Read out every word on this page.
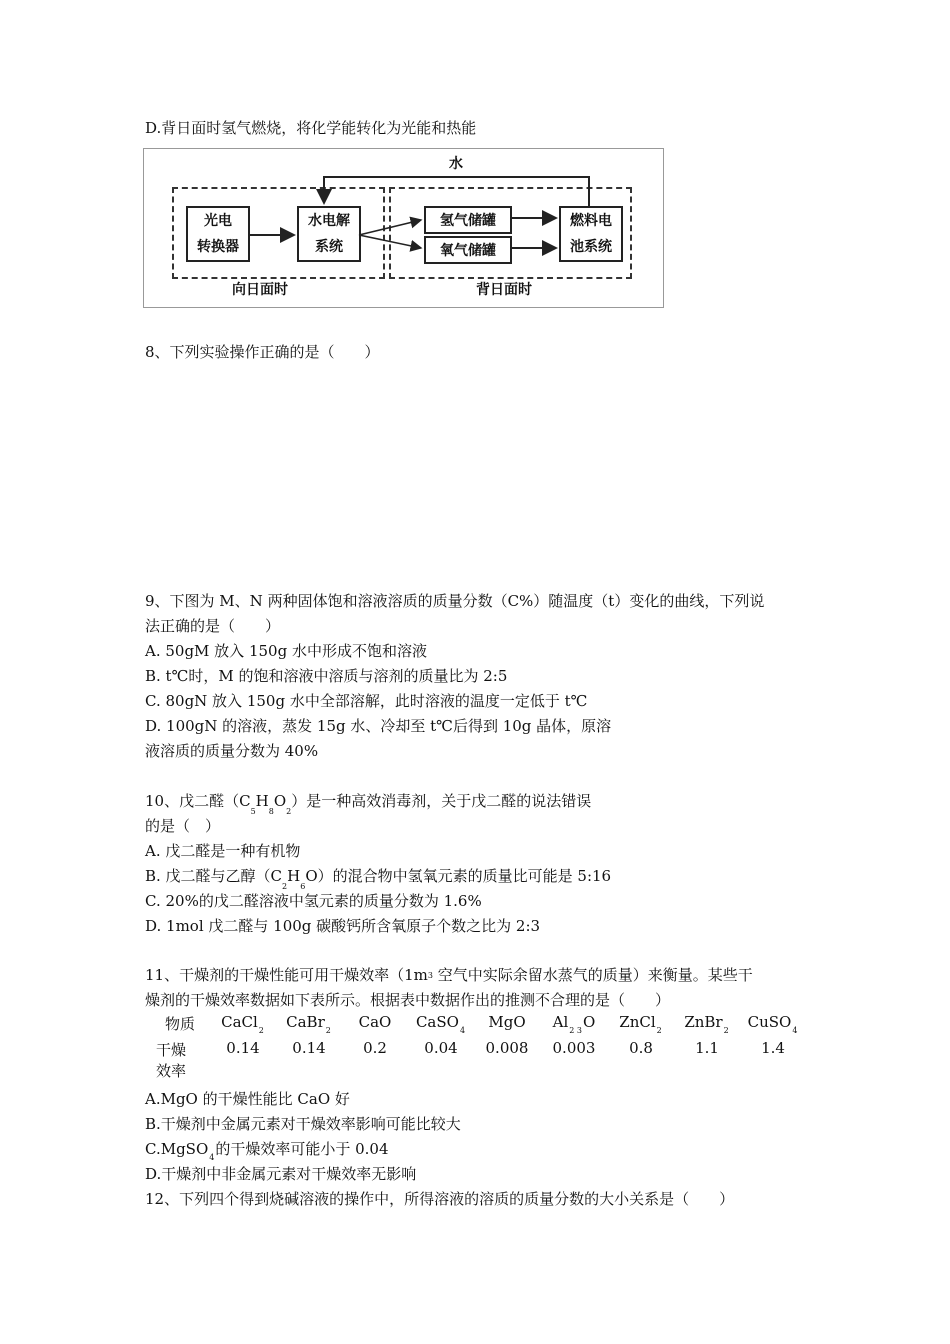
D.背日面时氢气燃烧，将化学能转化为光能和热能
光电
转换器
水电解
系统
氢气储罐
氧气储罐
燃料电
池系统
水
向日面时	背日面时
8、下列实验操作正确的是（　　）
9、下图为 M、N 两种固体饱和溶液溶质的质量分数（C%）随温度（t）变化的曲线，下列说
法正确的是（　　）
A. 50gM 放入 150g 水中形成不饱和溶液
B. t℃时，M 的饱和溶液中溶质与溶剂的质量比为 2:5
C. 80gN 放入 150g 水中全部溶解，此时溶液的温度一定低于 t℃
D. 100gN 的溶液，蒸发 15g 水、冷却至 t℃后得到 10g 晶体，原溶
液溶质的质量分数为 40%
10、戊二醛$(C_5H_8O_2)$是一种高效消毒剂，关于戊二醛的说法错误
的是（　）
A. 戊二醛是一种有机物
B. 戊二醛与乙醇$(C_2H_6O)$的混合物中氢氧元素的质量比可能是 5:16
C. 20%的戊二醛溶液中氢元素的质量分数为 1.6%
D. 1mol 戊二醛与 100g 碳酸钙所含氧原子个数之比为 2:3
11、干燥剂的干燥性能可用干燥效率（1m3 空气中实际余留水蒸气的质量）来衡量。某些干
燥剂的干燥效率数据如下表所示。根据表中数据作出的推测不合理的是（　　）
物质	CaCl$_2$	CaBr$_2$	CaO	CaSO$_4$	MgO	$Al_{2 3}O$	ZnCl$_2$	ZnBr$_2$	CuSO$_4$

干燥
效率	0.14	0.14	0.2	0.04	0.008	0.003	0.8	1.1	1.4
A.MgO 的干燥性能比 CaO 好
B.干燥剂中金属元素对干燥效率影响可能比较大
C.MgSO$_4$的干燥效率可能小于 0.04
D.干燥剂中非金属元素对干燥效率无影响
12、下列四个得到烧碱溶液的操作中，所得溶液的溶质的质量分数的大小关系是（　　）
